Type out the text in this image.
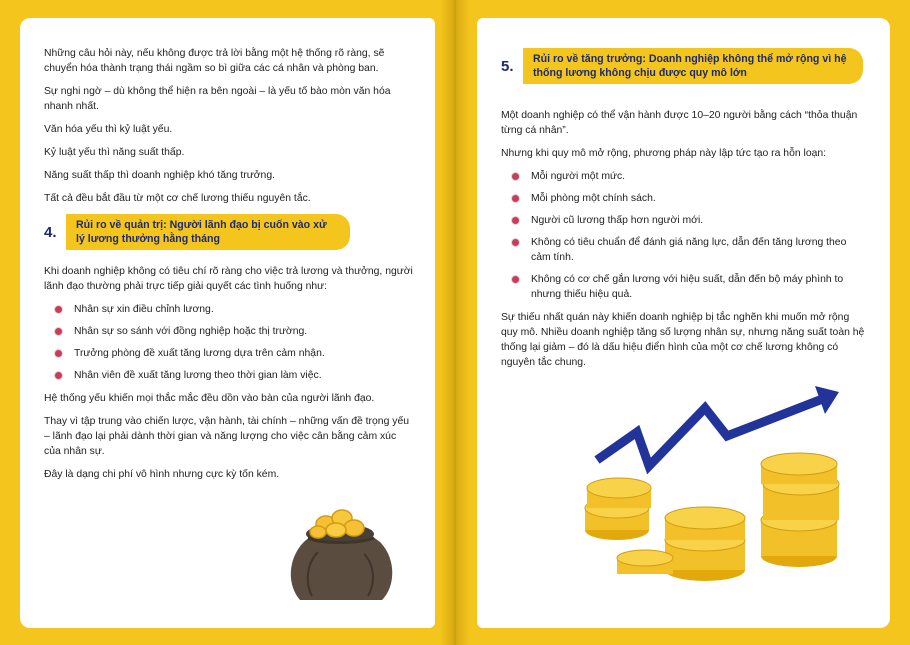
Những câu hỏi này, nếu không được trả lời bằng một hệ thống rõ ràng, sẽ chuyển hóa thành trạng thái ngầm so bì giữa các cá nhân và phòng ban.

Sự nghi ngờ – dù không thể hiện ra bên ngoài – là yếu tố bào mòn văn hóa nhanh nhất.

Văn hóa yếu thì kỷ luật yếu.

Kỷ luật yếu thì năng suất thấp.

Năng suất thấp thì doanh nghiệp khó tăng trưởng.

Tất cả đều bắt đầu từ một cơ chế lương thiếu nguyên tắc.

4.	Rủi ro về quản trị: Người lãnh đạo bị cuốn vào xử lý lương thưởng hằng tháng

Khi doanh nghiệp không có tiêu chí rõ ràng cho việc trả lương và thưởng, người lãnh đạo thường phải trực tiếp giải quyết các tình huống như:

Nhân sự xin điều chỉnh lương.
Nhân sự so sánh với đồng nghiệp hoặc thị trường.
Trưởng phòng đề xuất tăng lương dựa trên cảm nhận.
Nhân viên đề xuất tăng lương theo thời gian làm việc.

Hệ thống yếu khiến mọi thắc mắc đều dồn vào bàn của người lãnh đạo.

Thay vì tập trung vào chiến lược, vận hành, tài chính – những vấn đề trọng yếu – lãnh đạo lại phải dành thời gian và năng lượng cho việc cân bằng cảm xúc của nhân sự.

Đây là dạng chi phí vô hình nhưng cực kỳ tốn kém.

5.	Rủi ro về tăng trưởng: Doanh nghiệp không thể mở rộng vì hệ thống lương không chịu được quy mô lớn

Một doanh nghiệp có thể vận hành được 10–20 người bằng cách “thỏa thuận từng cá nhân”.

Nhưng khi quy mô mở rộng, phương pháp này lập tức tạo ra hỗn loạn:

Mỗi người một mức.
Mỗi phòng một chính sách.
Người cũ lương thấp hơn người mới.
Không có tiêu chuẩn để đánh giá năng lực, dẫn đến tăng lương theo cảm tính.
Không có cơ chế gắn lương với hiệu suất, dẫn đến bộ máy phình to nhưng thiếu hiệu quả.

Sự thiếu nhất quán này khiến doanh nghiệp bị tắc nghẽn khi muốn mở rộng quy mô. Nhiều doanh nghiệp tăng số lượng nhân sự, nhưng năng suất toàn hệ thống lại giảm – đó là dấu hiệu điển hình của một cơ chế lương không có nguyên tắc chung.
